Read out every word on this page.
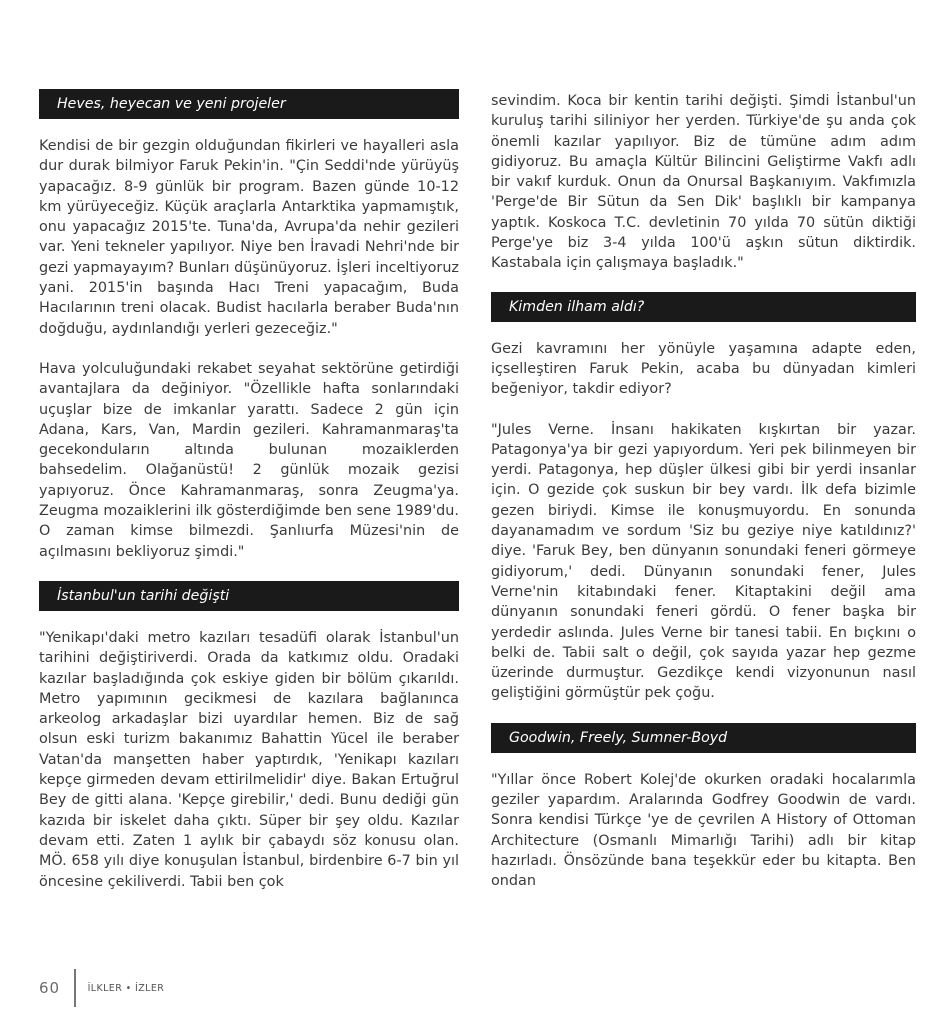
Heves, heyecan ve yeni projeler

Kendisi de bir gezgin olduğundan fikirleri ve hayalleri asla dur durak bilmiyor Faruk Pekin'in. "Çin Seddi'nde yürüyüş yapacağız. 8-9 günlük bir program. Bazen günde 10-12 km yürüyeceğiz. Küçük araçlarla Antarktika yapmamıştık, onu yapacağız 2015'te. Tuna'da, Avrupa'da nehir gezileri var. Yeni tekneler yapılıyor. Niye ben İravadi Nehri'nde bir gezi yapmayayım? Bunları düşünüyoruz. İşleri inceltiyoruz yani. 2015'in başında Hacı Treni yapacağım, Buda Hacılarının treni olacak. Budist hacılarla beraber Buda'nın doğduğu, aydınlandığı yerleri gezeceğiz."

Hava yolculuğundaki rekabet seyahat sektörüne getirdiği avantajlara da değiniyor. "Özellikle hafta sonlarındaki uçuşlar bize de imkanlar yarattı. Sadece 2 gün için Adana, Kars, Van, Mardin gezileri. Kahramanmaraş'ta gecekonduların altında bulunan mozaiklerden bahsedelim. Olağanüstü! 2 günlük mozaik gezisi yapıyoruz. Önce Kahramanmaraş, sonra Zeugma'ya. Zeugma mozaiklerini ilk gösterdiğimde ben sene 1989'du. O zaman kimse bilmezdi. Şanlıurfa Müzesi'nin de açılmasını bekliyoruz şimdi."

İstanbul'un tarihi değişti

"Yenikapı'daki metro kazıları tesadüfi olarak İstanbul'un tarihini değiştiriverdi. Orada da katkımız oldu. Oradaki kazılar başladığında çok eskiye giden bir bölüm çıkarıldı. Metro yapımının gecikmesi de kazılara bağlanınca arkeolog arkadaşlar bizi uyardılar hemen. Biz de sağ olsun eski turizm bakanımız Bahattin Yücel ile beraber Vatan'da manşetten haber yaptırdık, 'Yenikapı kazıları kepçe girmeden devam ettirilmelidir' diye. Bakan Ertuğrul Bey de gitti alana. 'Kepçe girebilir,' dedi. Bunu dediği gün kazıda bir iskelet daha çıktı. Süper bir şey oldu. Kazılar devam etti. Zaten 1 aylık bir çabaydı söz konusu olan. MÖ. 658 yılı diye konuşulan İstanbul, birdenbire 6-7 bin yıl öncesine çekiliverdi. Tabii ben çok

sevindim. Koca bir kentin tarihi değişti. Şimdi İstanbul'un kuruluş tarihi siliniyor her yerden. Türkiye'de şu anda çok önemli kazılar yapılıyor. Biz de tümüne adım adım gidiyoruz. Bu amaçla Kültür Bilincini Geliştirme Vakfı adlı bir vakıf kurduk. Onun da Onursal Başkanıyım. Vakfımızla 'Perge'de Bir Sütun da Sen Dik' başlıklı bir kampanya yaptık. Koskoca T.C. devletinin 70 yılda 70 sütün diktiği Perge'ye biz 3-4 yılda 100'ü aşkın sütun diktirdik. Kastabala için çalışmaya başladık."

Kimden ilham aldı?

Gezi kavramını her yönüyle yaşamına adapte eden, içselleştiren Faruk Pekin, acaba bu dünyadan kimleri beğeniyor, takdir ediyor?

"Jules Verne. İnsanı hakikaten kışkırtan bir yazar. Patagonya'ya bir gezi yapıyordum. Yeri pek bilinmeyen bir yerdi. Patagonya, hep düşler ülkesi gibi bir yerdi insanlar için. O gezide çok suskun bir bey vardı. İlk defa bizimle gezen biriydi. Kimse ile konuşmuyordu. En sonunda dayanamadım ve sordum 'Siz bu geziye niye katıldınız?' diye. 'Faruk Bey, ben dünyanın sonundaki feneri görmeye gidiyorum,' dedi. Dünyanın sonundaki fener, Jules Verne'nin kitabındaki fener. Kitaptakini değil ama dünyanın sonundaki feneri gördü. O fener başka bir yerdedir aslında. Jules Verne bir tanesi tabii. En bıçkını o belki de. Tabii salt o değil, çok sayıda yazar hep gezme üzerinde durmuştur. Gezdikçe kendi vizyonunun nasıl geliştiğini görmüştür pek çoğu.

Goodwin, Freely, Sumner-Boyd

"Yıllar önce Robert Kolej'de okurken oradaki hocalarımla geziler yapardım. Aralarında Godfrey Goodwin de vardı. Sonra kendisi Türkçe 'ye de çevrilen A History of Ottoman Architecture (Osmanlı Mimarlığı Tarihi) adlı bir kitap hazırladı. Önsözünde bana teşekkür eder bu kitapta. Ben ondan

60	İLKLER • İZLER
